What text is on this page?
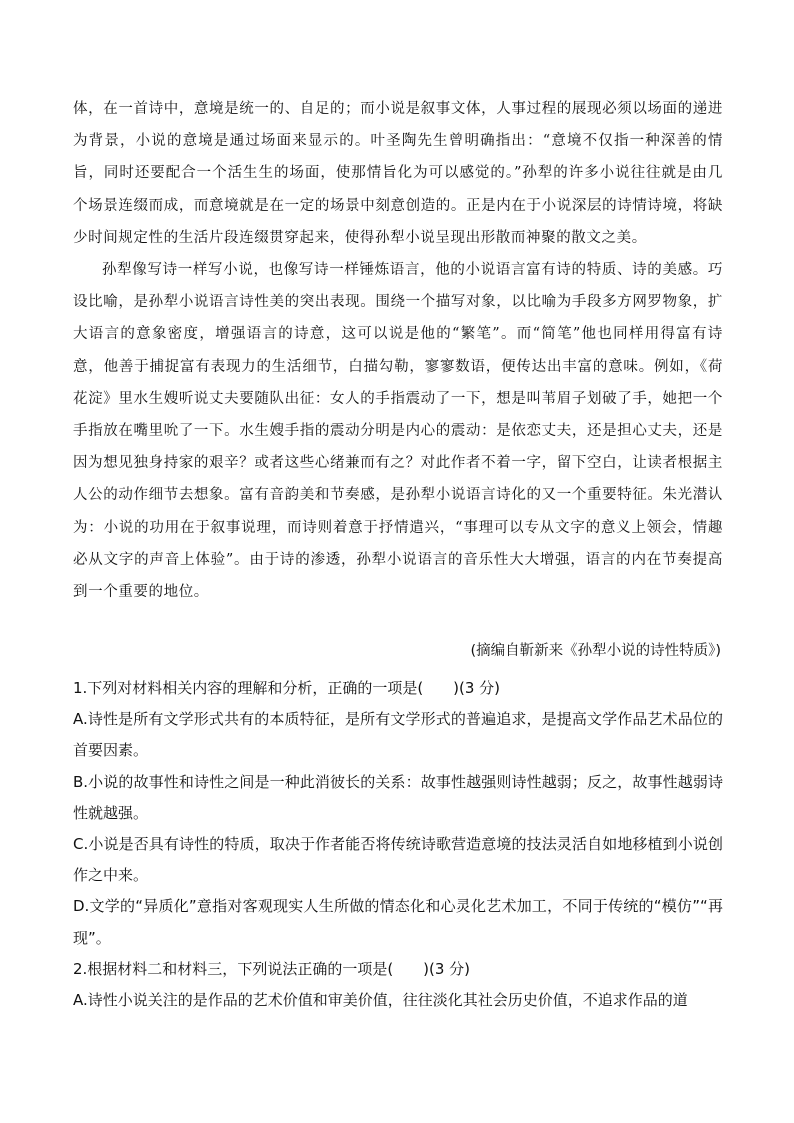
体，在一首诗中，意境是统一的、自足的；而小说是叙事文体，人事过程的展现必须以场面的递进为背景，小说的意境是通过场面来显示的。叶圣陶先生曾明确指出：“意境不仅指一种深善的情旨，同时还要配合一个活生生的场面，使那情旨化为可以感觉的。”孙犁的许多小说往往就是由几个场景连缀而成，而意境就是在一定的场景中刻意创造的。正是内在于小说深层的诗情诗境，将缺少时间规定性的生活片段连缀贯穿起来，使得孙犁小说呈现出形散而神聚的散文之美。

孙犁像写诗一样写小说，也像写诗一样锤炼语言，他的小说语言富有诗的特质、诗的美感。巧设比喻，是孙犁小说语言诗性美的突出表现。围绕一个描写对象，以比喻为手段多方网罗物象，扩大语言的意象密度，增强语言的诗意，这可以说是他的“繁笔”。而“简笔”他也同样用得富有诗意，他善于捕捉富有表现力的生活细节，白描勾勒，寥寥数语，便传达出丰富的意味。例如，《荷花淀》里水生嫂听说丈夫要随队出征：女人的手指震动了一下，想是叫苇眉子划破了手，她把一个手指放在嘴里吮了一下。水生嫂手指的震动分明是内心的震动：是依恋丈夫，还是担心丈夫，还是因为想见独身持家的艰辛？或者这些心绪兼而有之？对此作者不着一字，留下空白，让读者根据主人公的动作细节去想象。富有音韵美和节奏感，是孙犁小说语言诗化的又一个重要特征。朱光潜认为：小说的功用在于叙事说理，而诗则着意于抒情遣兴，“事理可以专从文字的意义上领会，情趣必从文字的声音上体验”。由于诗的渗透，孙犁小说语言的音乐性大大增强，语言的内在节奏提高到一个重要的地位。

(摘编自靳新来《孙犁小说的诗性特质》)

1.下列对材料相关内容的理解和分析，正确的一项是(　　)(3 分)

A.诗性是所有文学形式共有的本质特征，是所有文学形式的普遍追求，是提高文学作品艺术品位的首要因素。

B.小说的故事性和诗性之间是一种此消彼长的关系：故事性越强则诗性越弱；反之，故事性越弱诗性就越强。

C.小说是否具有诗性的特质，取决于作者能否将传统诗歌营造意境的技法灵活自如地移植到小说创作之中来。

D.文学的“异质化”意指对客观现实人生所做的情态化和心灵化艺术加工，不同于传统的“模仿”“再现”。

2.根据材料二和材料三，下列说法正确的一项是(　　)(3 分)

A.诗性小说关注的是作品的艺术价值和审美价值，往往淡化其社会历史价值，不追求作品的道
